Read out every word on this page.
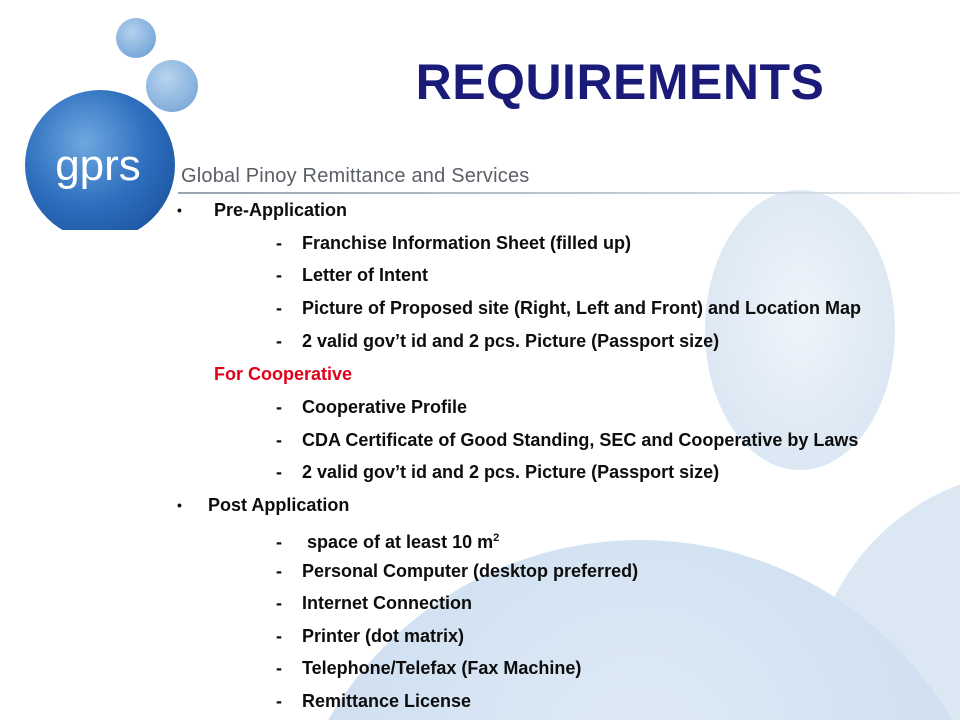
gprs Global Pinoy Remittance and Services
REQUIREMENTS
• Pre-Application
- Franchise Information Sheet (filled up)
- Letter of Intent
- Picture of Proposed site (Right, Left and Front) and Location Map
- 2 valid gov’t id and 2 pcs. Picture (Passport size)
For Cooperative
- Cooperative Profile
- CDA Certificate of Good Standing, SEC and Cooperative by Laws
- 2 valid gov’t id and 2 pcs. Picture (Passport size)
• Post Application
- space of at least 10 $m^2$
- Personal Computer (desktop preferred)
- Internet Connection
- Printer (dot matrix)
- Telephone/Telefax (Fax Machine)
- Remittance License
